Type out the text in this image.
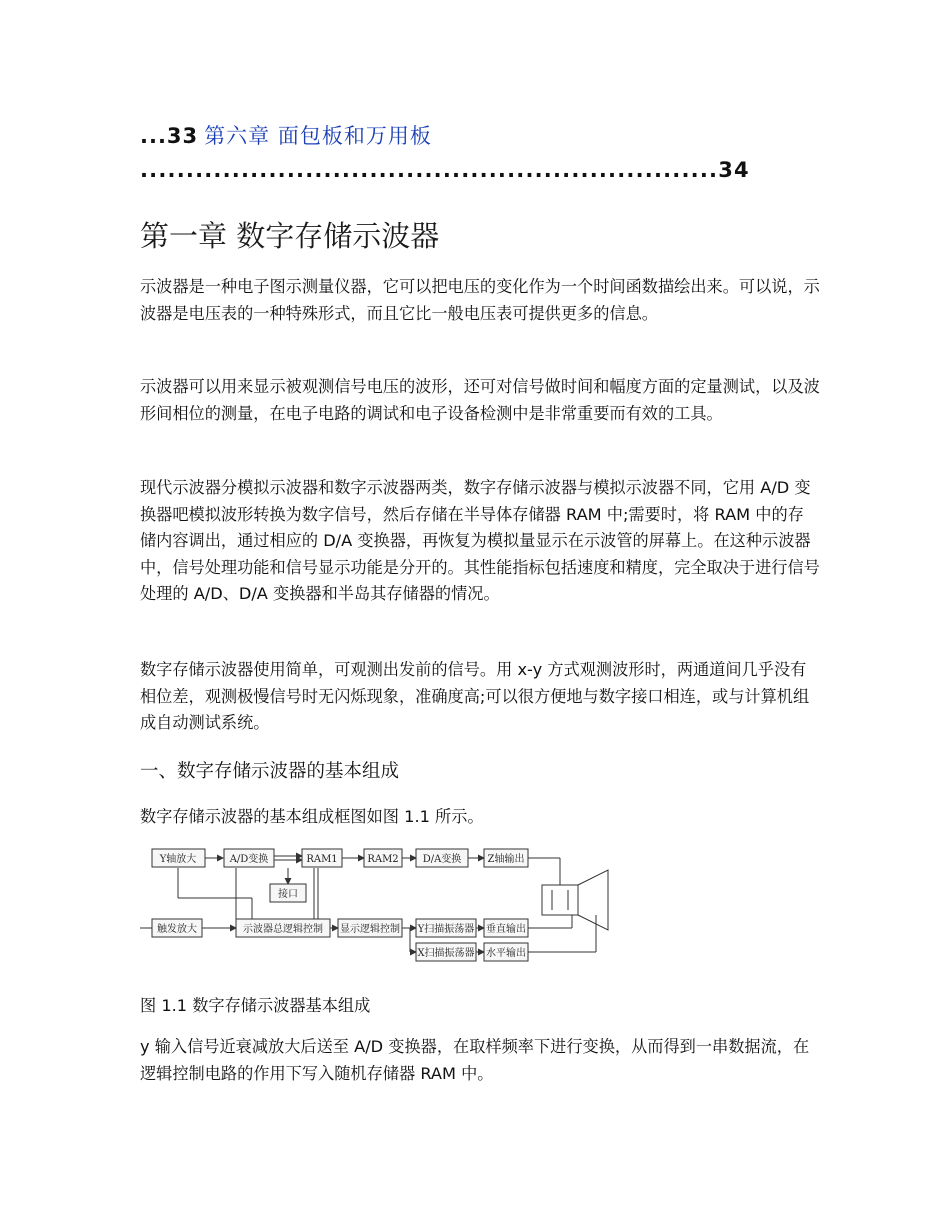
...33 第六章 面包板和万用板
...............................................................34
第一章 数字存储示波器

示波器是一种电子图示测量仪器，它可以把电压的变化作为一个时间函数描绘出来。可以说，示波器是电压表的一种特殊形式，而且它比一般电压表可提供更多的信息。

示波器可以用来显示被观测信号电压的波形，还可对信号做时间和幅度方面的定量测试，以及波形间相位的测量，在电子电路的调试和电子设备检测中是非常重要而有效的工具。

现代示波器分模拟示波器和数字示波器两类，数字存储示波器与模拟示波器不同，它用 A/D 变换器吧模拟波形转换为数字信号，然后存储在半导体存储器 RAM 中;需要时，将 RAM 中的存储内容调出，通过相应的 D/A 变换器，再恢复为模拟量显示在示波管的屏幕上。在这种示波器中，信号处理功能和信号显示功能是分开的。其性能指标包括速度和精度，完全取决于进行信号处理的 A/D、D/A 变换器和半岛其存储器的情况。

数字存储示波器使用简单，可观测出发前的信号。用 x-y 方式观测波形时，两通道间几乎没有相位差，观测极慢信号时无闪烁现象，准确度高;可以很方便地与数字接口相连，或与计算机组成自动测试系统。

一、数字存储示波器的基本组成

数字存储示波器的基本组成框图如图 1.1 所示。

Y轴放大	A/D变换	RAM1	RAM2 D/A变换	Z轴输出
接口
触发放大	示波器总逻辑控制 显示逻辑控制 Y扫描振荡器 垂直输出
X扫描振荡器 水平输出
图 1.1 数字存储示波器基本组成

y 输入信号近衰减放大后送至 A/D 变换器，在取样频率下进行变换，从而得到一串数据流，在逻辑控制电路的作用下写入随机存储器 RAM 中。
